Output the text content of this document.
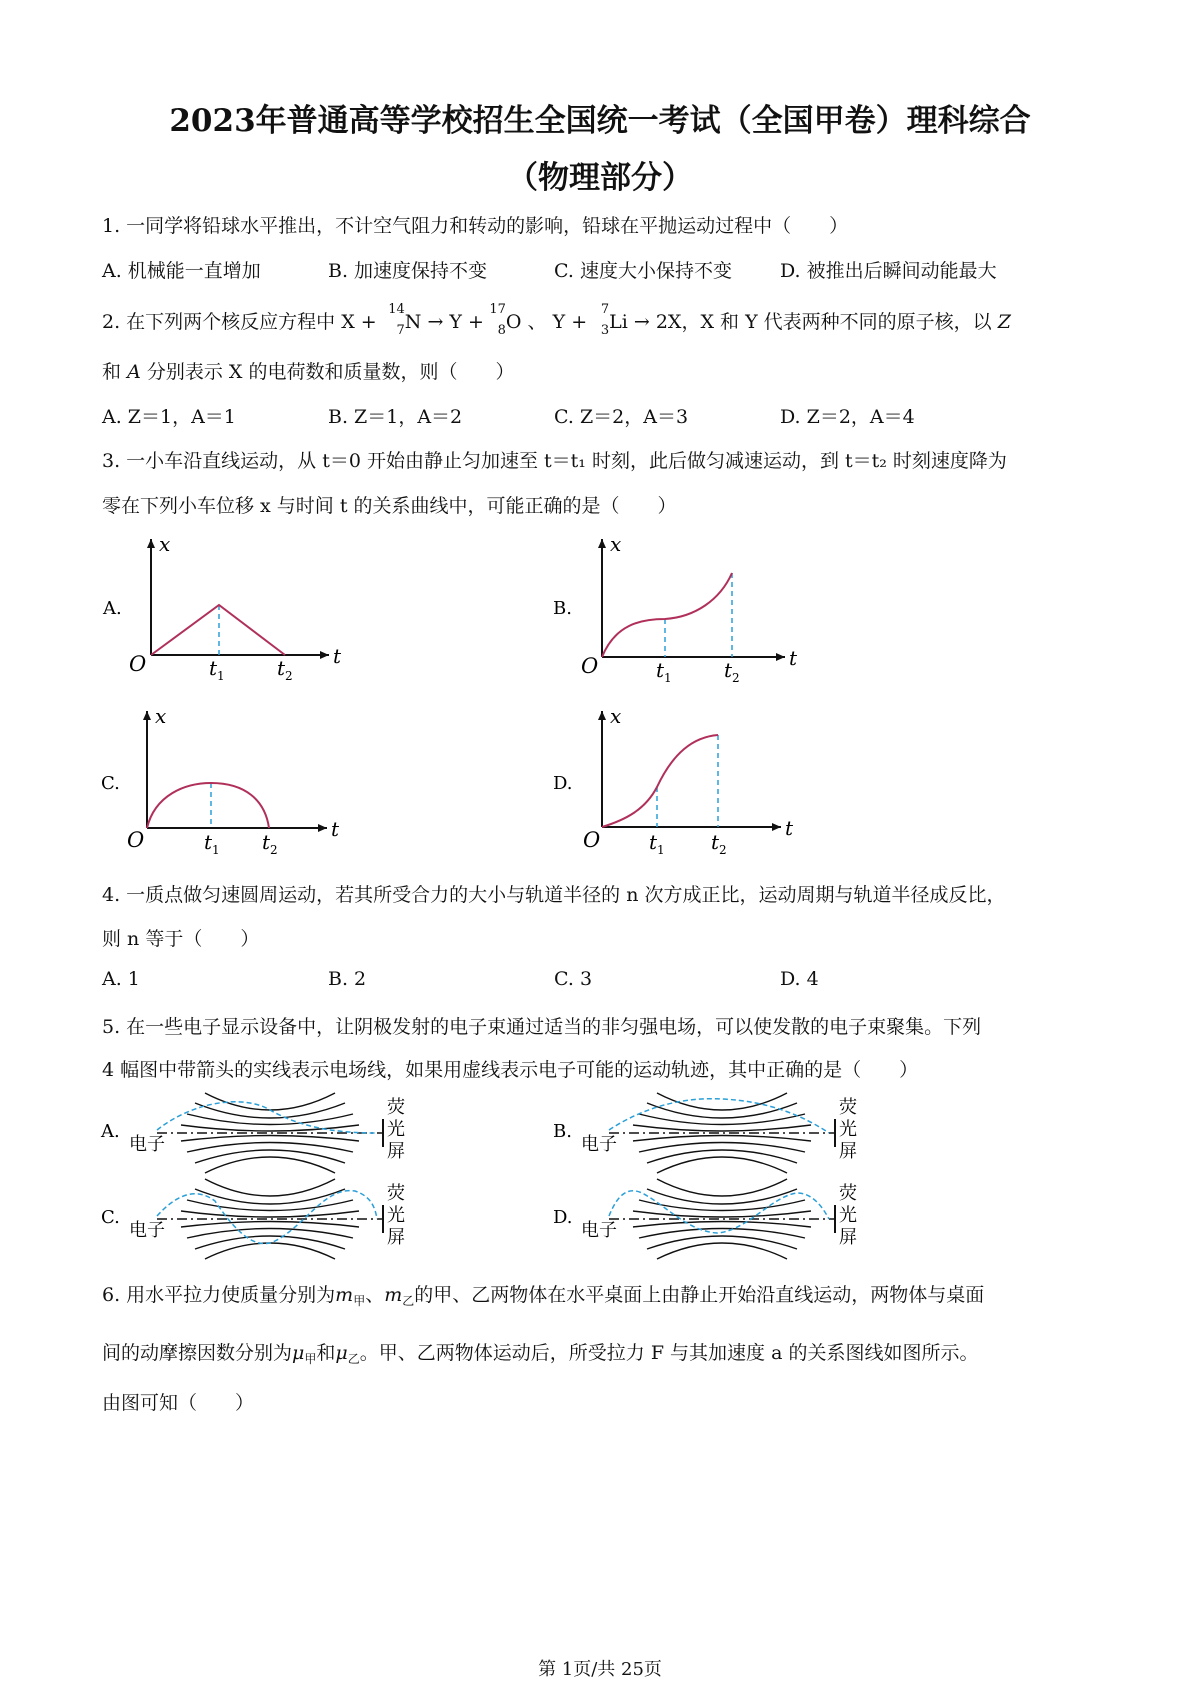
2023年普通高等学校招生全国统一考试（全国甲卷）理科综合
（物理部分）
1. 一同学将铅球水平推出，不计空气阻力和转动的影响，铅球在平抛运动过程中（　　）
A. 机械能一直增加	B. 加速度保持不变	C. 速度大小保持不变	D. 被推出后瞬间动能最大
2. 在下列两个核反应方程中 X +
14
7 N → Y +
17
8 O 、 Y +
7
3 Li → 2X，X 和 Y 代表两种不同的原子核，以 Z
和 A 分别表示 X 的电荷数和质量数，则（　　）
A. Z＝1，A＝1	B. Z＝1，A＝2	C. Z＝2，A＝3	D. Z＝2，A＝4
3. 一小车沿直线运动，从 t＝0 开始由静止匀加速至 t＝t₁ 时刻，此后做匀减速运动，到 t＝t₂ 时刻速度降为
零在下列小车位移 x 与时间 t 的关系曲线中，可能正确的是（　　）
A.
x
t
O	$t_1$	$t_2$
B.
x
t
O	$t_1$	$t_2$
C.
x
t
O	$t_1$ $t_2$
D.
x
t
O $t_1$ $t_2$
4. 一质点做匀速圆周运动，若其所受合力的大小与轨道半径的 n 次方成正比，运动周期与轨道半径成反比，
则 n 等于（　　）
A. 1	B. 2	C. 3	D. 4
5. 在一些电子显示设备中，让阴极发射的电子束通过适当的非匀强电场，可以使发散的电子束聚集。下列
4 幅图中带箭头的实线表示电场线，如果用虚线表示电子可能的运动轨迹，其中正确的是（　　）
A.
电子
荧
光
屏
B.
电子
荧
光
屏
C.
电子
荧
光
屏
D.
电子
荧
光
屏
6. 用水平拉力使质量分别为$m_甲$、$m_乙$的甲、乙两物体在水平桌面上由静止开始沿直线运动，两物体与桌面
间的动摩擦因数分别为$\mu_甲$和$\mu_乙$。甲、乙两物体运动后，所受拉力 F 与其加速度 a 的关系图线如图所示。
由图可知（　　）
第 1页/共 25页
